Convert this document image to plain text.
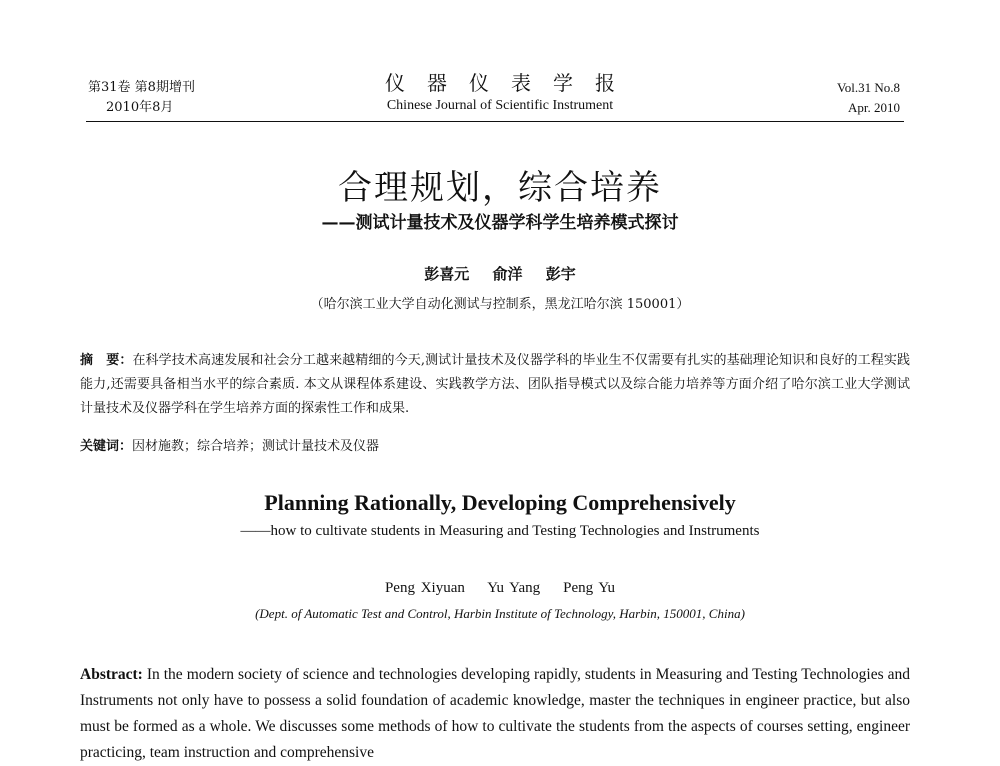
第31卷 第8期增刊
2010年8月
仪器仪表学报
Chinese Journal of Scientific Instrument
Vol.31 No.8
Apr. 2010
合理规划，综合培养
——测试计量技术及仪器学科学生培养模式探讨
彭喜元 俞洋 彭宇
（哈尔滨工业大学自动化测试与控制系，黑龙江哈尔滨 150001）
摘　要：在科学技术高速发展和社会分工越来越精细的今天,测试计量技术及仪器学科的毕业生不仅需要有扎实的基础理论知识和良好的工程实践能力,还需要具备相当水平的综合素质. 本文从课程体系建设、实践教学方法、团队指导模式以及综合能力培养等方面介绍了哈尔滨工业大学测试计量技术及仪器学科在学生培养方面的探索性工作和成果.
关键词：因材施教；综合培养；测试计量技术及仪器
Planning Rationally, Developing Comprehensively
——how to cultivate students in Measuring and Testing Technologies and Instruments
Peng Xiyuan    Yu Yang    Peng Yu
(Dept. of Automatic Test and Control, Harbin Institute of Technology, Harbin, 150001, China)
Abstract: In the modern society of science and technologies developing rapidly, students in Measuring and Testing Technologies and Instruments not only have to possess a solid foundation of academic knowledge, master the techniques in engineer practice, but also must be formed as a whole. We discusses some methods of how to cultivate the students from the aspects of courses setting, engineer practicing, team instruction and comprehensive
